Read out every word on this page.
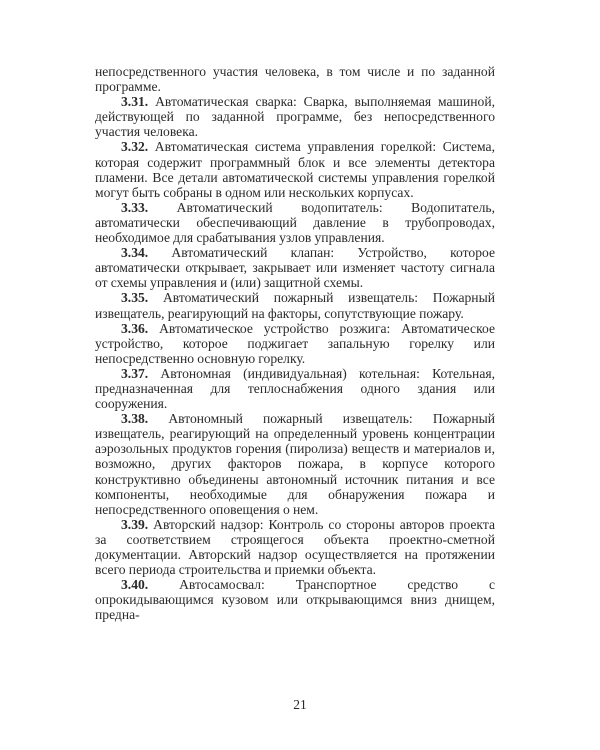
непосредственного участия человека, в том числе и по заданной программе.

3.31. Автоматическая сварка: Сварка, выполняемая машиной, действующей по заданной программе, без непосредственного участия человека.

3.32. Автоматическая система управления горелкой: Система, которая содержит программный блок и все элементы детектора пламени. Все детали автоматической системы управления горелкой могут быть собраны в одном или нескольких корпусах.

3.33. Автоматический водопитатель: Водопитатель, автоматически обеспечивающий давление в трубопроводах, необходимое для срабатывания узлов управления.

3.34. Автоматический клапан: Устройство, которое автоматически открывает, закрывает или изменяет частоту сигнала от схемы управления и (или) защитной схемы.

3.35. Автоматический пожарный извещатель: Пожарный извещатель, реагирующий на факторы, сопутствующие пожару.

3.36. Автоматическое устройство розжига: Автоматическое устройство, которое поджигает запальную горелку или непосредственно основную горелку.

3.37. Автономная (индивидуальная) котельная: Котельная, предназначенная для теплоснабжения одного здания или сооружения.

3.38. Автономный пожарный извещатель: Пожарный извещатель, реагирующий на определенный уровень концентрации аэрозольных продуктов горения (пиролиза) веществ и материалов и, возможно, других факторов пожара, в корпусе которого конструктивно объединены автономный источник питания и все компоненты, необходимые для обнаружения пожара и непосредственного оповещения о нем.

3.39. Авторский надзор: Контроль со стороны авторов проекта за соответствием строящегося объекта проектно-сметной документации. Авторский надзор осуществляется на протяжении всего периода строительства и приемки объекта.

3.40. Автосамосвал: Транспортное средство с опрокидывающимся кузовом или открывающимся вниз днищем, предна-

21
